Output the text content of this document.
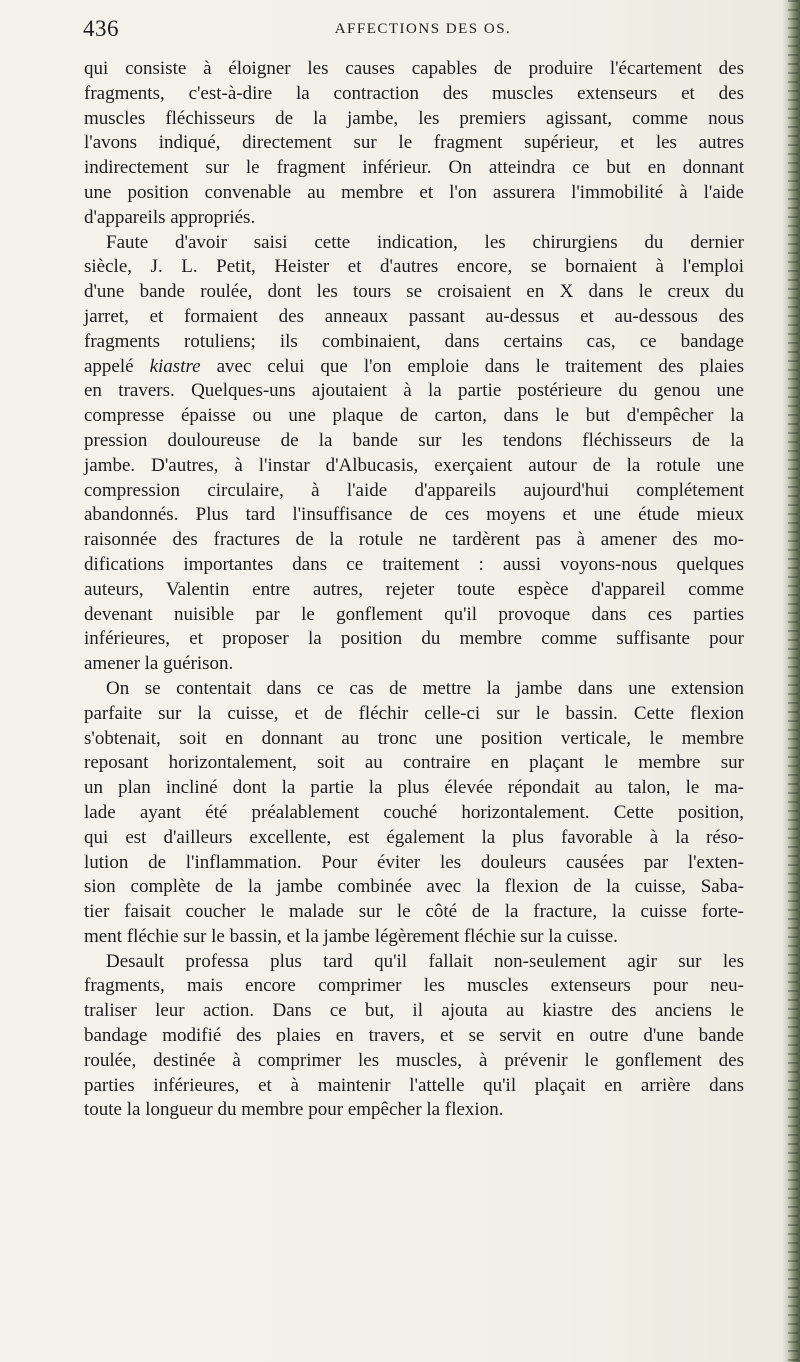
436	AFFECTIONS DES OS.
qui consiste à éloigner les causes capables de produire l'écartement des
fragments, c'est-à-dire la contraction des muscles extenseurs et des
muscles fléchisseurs de la jambe, les premiers agissant, comme nous
l'avons indiqué, directement sur le fragment supérieur, et les autres
indirectement sur le fragment inférieur. On atteindra ce but en donnant
une position convenable au membre et l'on assurera l'immobilité à l'aide
d'appareils appropriés.
Faute d'avoir saisi cette indication, les chirurgiens du dernier
siècle, J. L. Petit, Heister et d'autres encore, se bornaient à l'emploi
d'une bande roulée, dont les tours se croisaient en X dans le creux du
jarret, et formaient des anneaux passant au-dessus et au-dessous des
fragments rotuliens; ils combinaient, dans certains cas, ce bandage
appelé kiastre avec celui que l'on emploie dans le traitement des plaies
en travers. Quelques-uns ajoutaient à la partie postérieure du genou une
compresse épaisse ou une plaque de carton, dans le but d'empêcher la
pression douloureuse de la bande sur les tendons fléchisseurs de la
jambe. D'autres, à l'instar d'Albucasis, exerçaient autour de la rotule une
compression circulaire, à l'aide d'appareils aujourd'hui complétement
abandonnés. Plus tard l'insuffisance de ces moyens et une étude mieux
raisonnée des fractures de la rotule ne tardèrent pas à amener des mo-
difications importantes dans ce traitement : aussi voyons-nous quelques
auteurs, Valentin entre autres, rejeter toute espèce d'appareil comme
devenant nuisible par le gonflement qu'il provoque dans ces parties
inférieures, et proposer la position du membre comme suffisante pour
amener la guérison.
On se contentait dans ce cas de mettre la jambe dans une extension
parfaite sur la cuisse, et de fléchir celle-ci sur le bassin. Cette flexion
s'obtenait, soit en donnant au tronc une position verticale, le membre
reposant horizontalement, soit au contraire en plaçant le membre sur
un plan incliné dont la partie la plus élevée répondait au talon, le ma-
lade ayant été préalablement couché horizontalement. Cette position,
qui est d'ailleurs excellente, est également la plus favorable à la réso-
lution de l'inflammation. Pour éviter les douleurs causées par l'exten-
sion complète de la jambe combinée avec la flexion de la cuisse, Saba-
tier faisait coucher le malade sur le côté de la fracture, la cuisse forte-
ment fléchie sur le bassin, et la jambe légèrement fléchie sur la cuisse.
Desault professa plus tard qu'il fallait non-seulement agir sur les
fragments, mais encore comprimer les muscles extenseurs pour neu-
traliser leur action. Dans ce but, il ajouta au kiastre des anciens le
bandage modifié des plaies en travers, et se servit en outre d'une bande
roulée, destinée à comprimer les muscles, à prévenir le gonflement des
parties inférieures, et à maintenir l'attelle qu'il plaçait en arrière dans
toute la longueur du membre pour empêcher la flexion.
